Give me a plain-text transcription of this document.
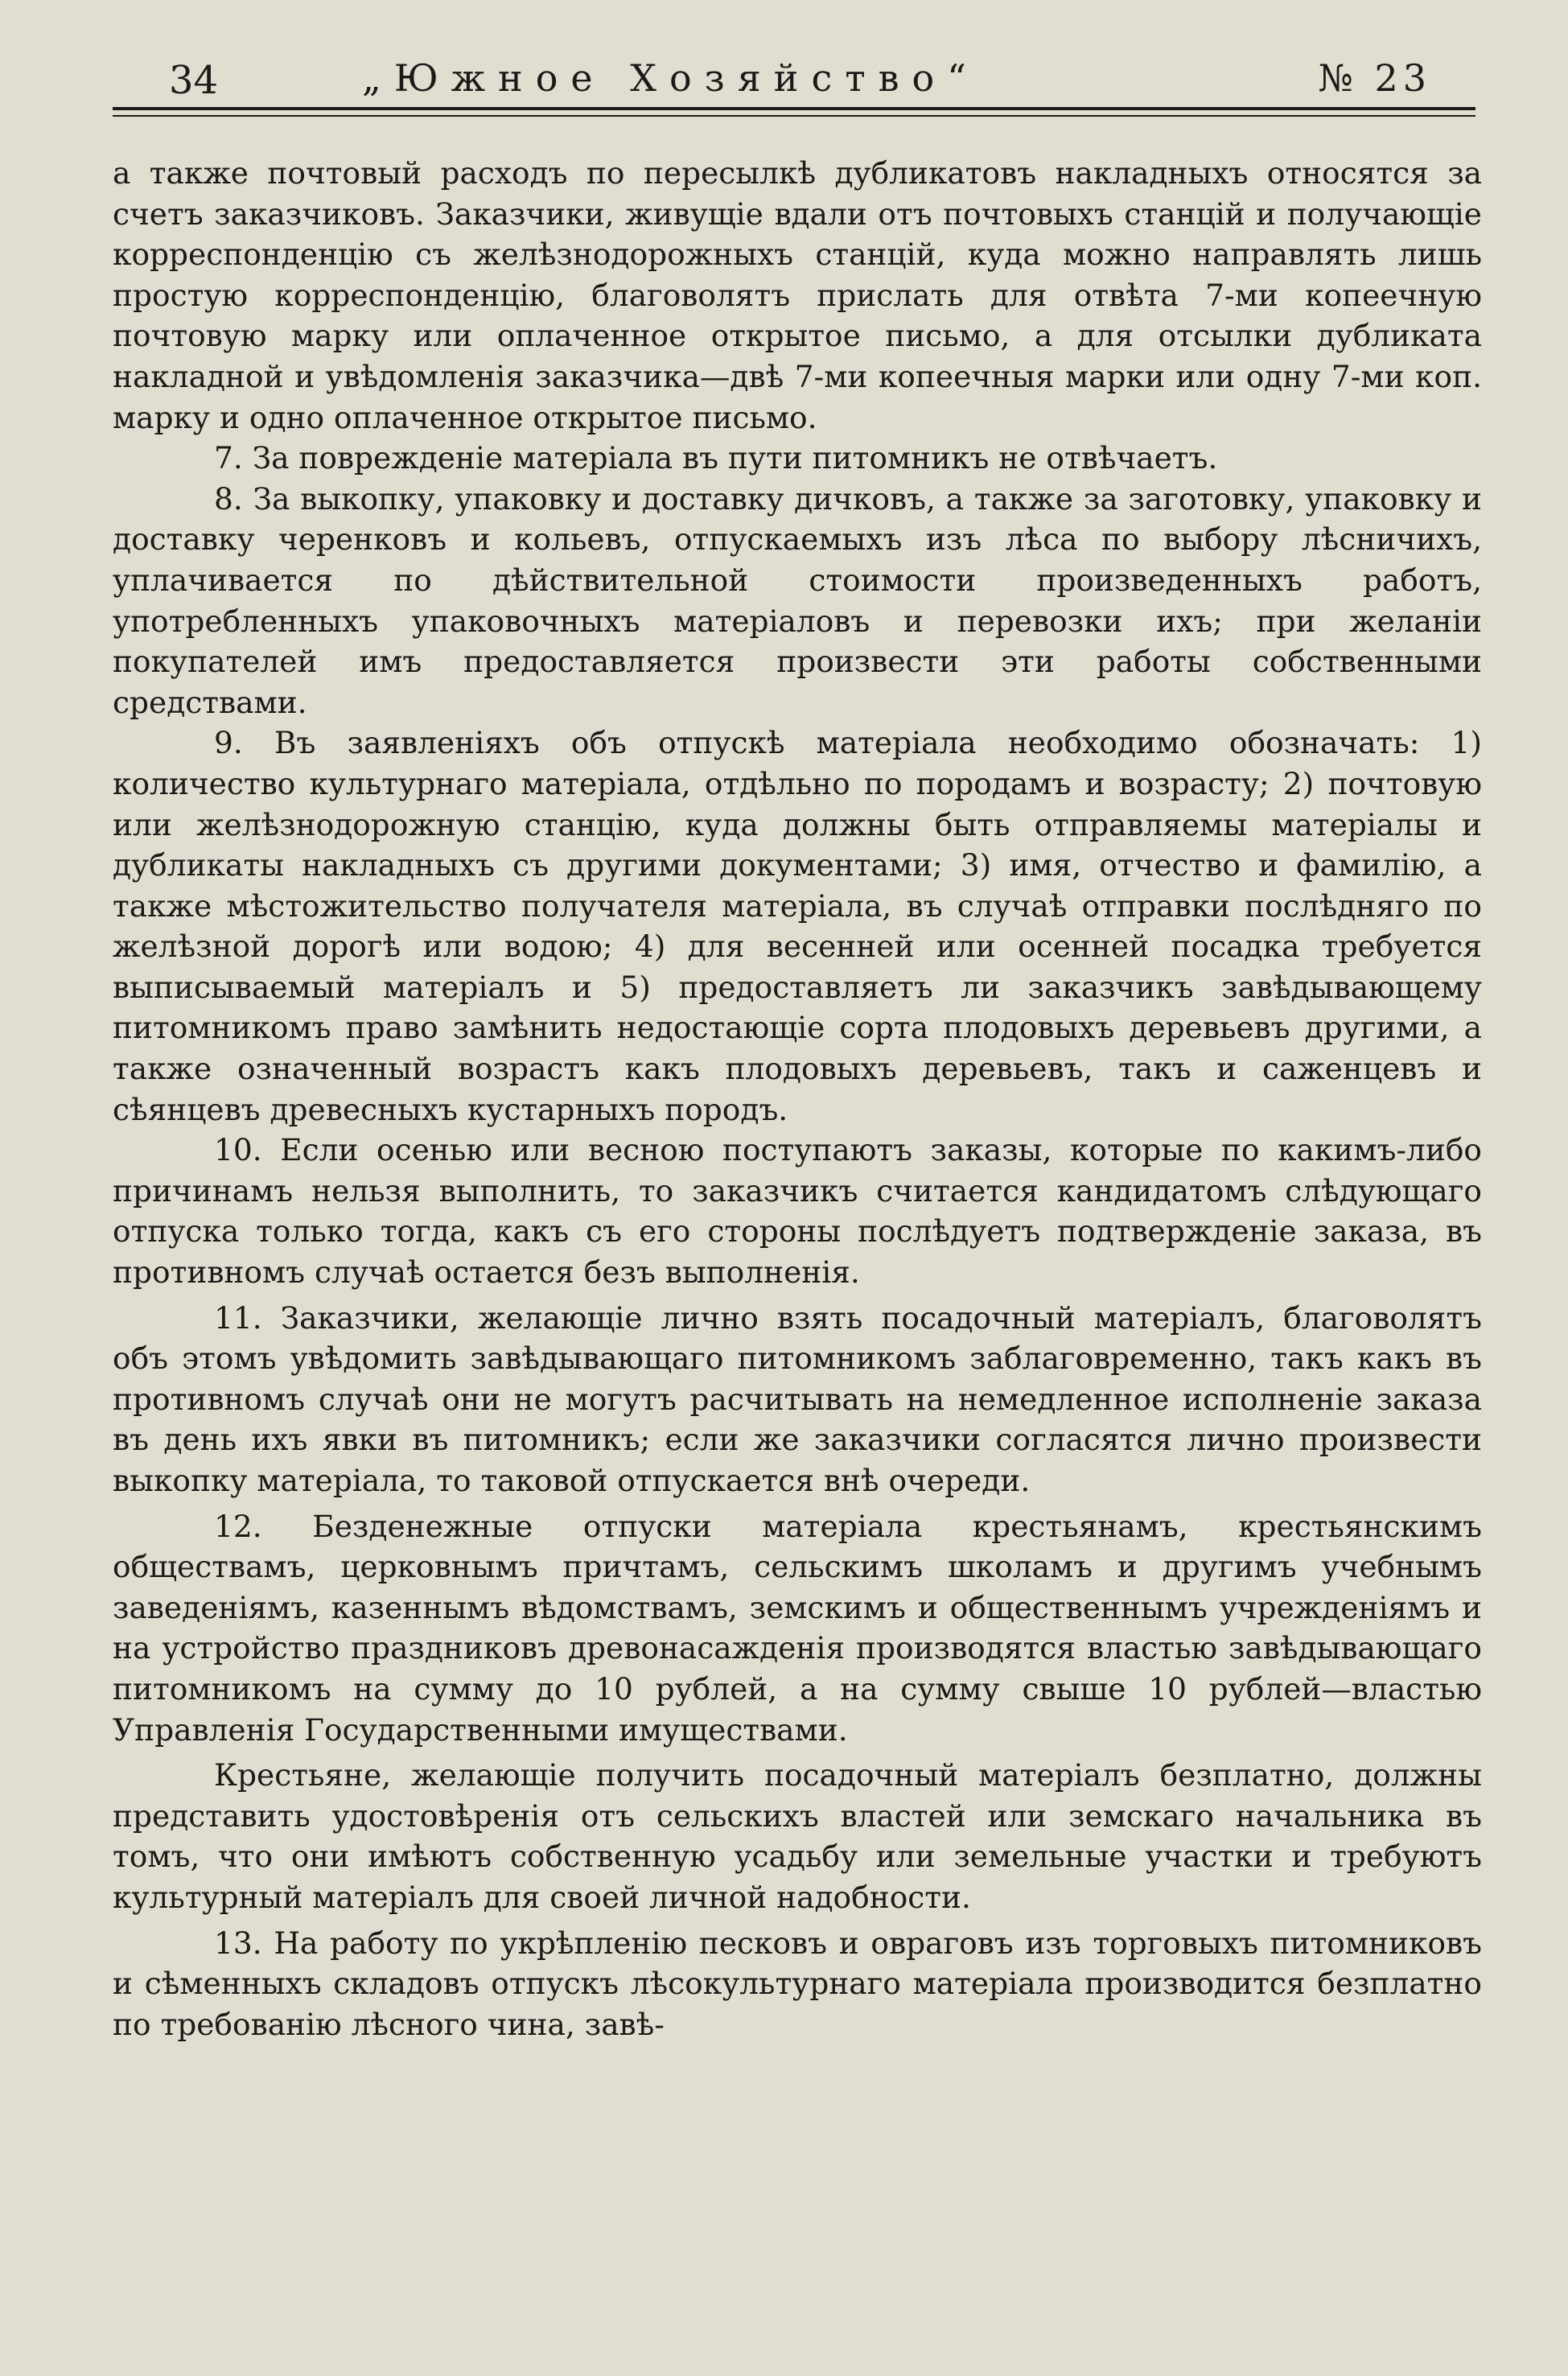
34	„Южное Хозяйство“	№ 23

а также почтовый расходъ по пересылкѣ дубликатовъ накладныхъ относятся за счетъ заказчиковъ. Заказчики, живущіе вдали отъ почтовыхъ станцій и получающіе корреспонденцію съ желѣзнодорожныхъ станцій, куда можно направлять лишь простую корреспонденцію, благоволятъ прислать для отвѣта 7-ми копеечную почтовую марку или оплаченное открытое письмо, а для отсылки дубликата накладной и увѣдомленія заказчика—двѣ 7-ми копеечныя марки или одну 7-ми коп. марку и одно оплаченное открытое письмо.

7. За поврежденіе матеріала въ пути питомникъ не отвѣчаетъ.

8. За выкопку, упаковку и доставку дичковъ, а также за заготовку, упаковку и доставку черенковъ и кольевъ, отпускаемыхъ изъ лѣса по выбору лѣсничихъ, уплачивается по дѣйствительной стоимости произведенныхъ работъ, употребленныхъ упаковочныхъ матеріаловъ и перевозки ихъ; при желаніи покупателей имъ предоставляется произвести эти работы собственными средствами.

9. Въ заявленіяхъ объ отпускѣ матеріала необходимо обозначать: 1) количество культурнаго матеріала, отдѣльно по породамъ и возрасту; 2) почтовую или желѣзнодорожную станцію, куда должны быть отправляемы матеріалы и дубликаты накладныхъ съ другими документами; 3) имя, отчество и фамилію, а также мѣстожительство получателя матеріала, въ случаѣ отправки послѣдняго по желѣзной дорогѣ или водою; 4) для весенней или осенней посадка требуется выписываемый матеріалъ и 5) предоставляетъ ли заказчикъ завѣдывающему питомникомъ право замѣнить недостающіе сорта плодовыхъ деревьевъ другими, а также означенный возрастъ какъ плодовыхъ деревьевъ, такъ и саженцевъ и сѣянцевъ древесныхъ кустарныхъ породъ.

10. Если осенью или весною поступаютъ заказы, которые по какимъ-либо причинамъ нельзя выполнить, то заказчикъ считается кандидатомъ слѣдующаго отпуска только тогда, какъ съ его стороны послѣдуетъ подтвержденіе заказа, въ противномъ случаѣ остается безъ выполненія.

11. Заказчики, желающіе лично взять посадочный матеріалъ, благоволятъ объ этомъ увѣдомить завѣдывающаго питомникомъ заблаговременно, такъ какъ въ противномъ случаѣ они не могутъ расчитывать на немедленное исполненіе заказа въ день ихъ явки въ питомникъ; если же заказчики согласятся лично произвести выкопку матеріала, то таковой отпускается внѣ очереди.

12. Безденежные отпуски матеріала крестьянамъ, крестьянскимъ обществамъ, церковнымъ причтамъ, сельскимъ школамъ и другимъ учебнымъ заведеніямъ, казеннымъ вѣдомствамъ, земскимъ и общественнымъ учрежденіямъ и на устройство праздниковъ древонасажденія производятся властью завѣдывающаго питомникомъ на сумму до 10 рублей, а на сумму свыше 10 рублей—властью Управленія Государственными имуществами.

Крестьяне, желающіе получить посадочный матеріалъ безплатно, должны представить удостовѣренія отъ сельскихъ властей или земскаго начальника въ томъ, что они имѣютъ собственную усадьбу или земельные участки и требуютъ культурный матеріалъ для своей личной надобности.

13. На работу по укрѣпленію песковъ и овраговъ изъ торговыхъ питомниковъ и сѣменныхъ складовъ отпускъ лѣсокультурнаго матеріала производится безплатно по требованію лѣсного чина, завѣ-
